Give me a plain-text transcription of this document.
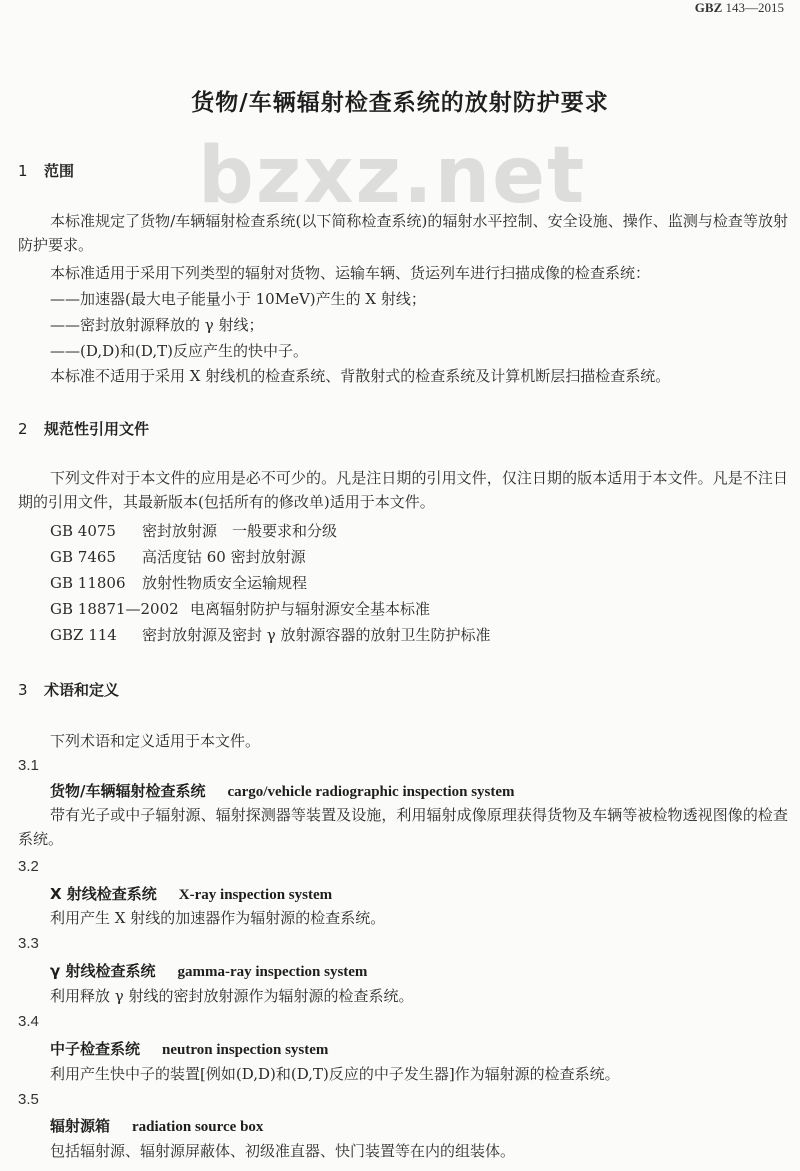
GBZ 143—2015
货物/车辆辐射检查系统的放射防护要求
bzxz.net
1 范围
本标准规定了货物/车辆辐射检查系统(以下简称检查系统)的辐射水平控制、安全设施、操作、监测与检查等放射防护要求。
本标准适用于采用下列类型的辐射对货物、运输车辆、货运列车进行扫描成像的检查系统：
——加速器(最大电子能量小于 10MeV)产生的 X 射线；
——密封放射源释放的 γ 射线；
——(D,D)和(D,T)反应产生的快中子。
本标准不适用于采用 X 射线机的检查系统、背散射式的检查系统及计算机断层扫描检查系统。
2 规范性引用文件
下列文件对于本文件的应用是必不可少的。凡是注日期的引用文件，仅注日期的版本适用于本文件。凡是不注日期的引用文件，其最新版本(包括所有的修改单)适用于本文件。
GB 4075 密封放射源　一般要求和分级
GB 7465 高活度钴 60 密封放射源
GB 11806 放射性物质安全运输规程
GB 18871—2002 电离辐射防护与辐射源安全基本标准
GBZ 114 密封放射源及密封 γ 放射源容器的放射卫生防护标准
3 术语和定义
下列术语和定义适用于本文件。
3.1
货物/车辆辐射检查系统 cargo/vehicle radiographic inspection system
带有光子或中子辐射源、辐射探测器等装置及设施，利用辐射成像原理获得货物及车辆等被检物透视图像的检查系统。
3.2
X 射线检查系统 X-ray inspection system
利用产生 X 射线的加速器作为辐射源的检查系统。
3.3
γ 射线检查系统 gamma-ray inspection system
利用释放 γ 射线的密封放射源作为辐射源的检查系统。
3.4
中子检查系统 neutron inspection system
利用产生快中子的装置[例如(D,D)和(D,T)反应的中子发生器]作为辐射源的检查系统。
3.5
辐射源箱 radiation source box
包括辐射源、辐射源屏蔽体、初级准直器、快门装置等在内的组装体。
